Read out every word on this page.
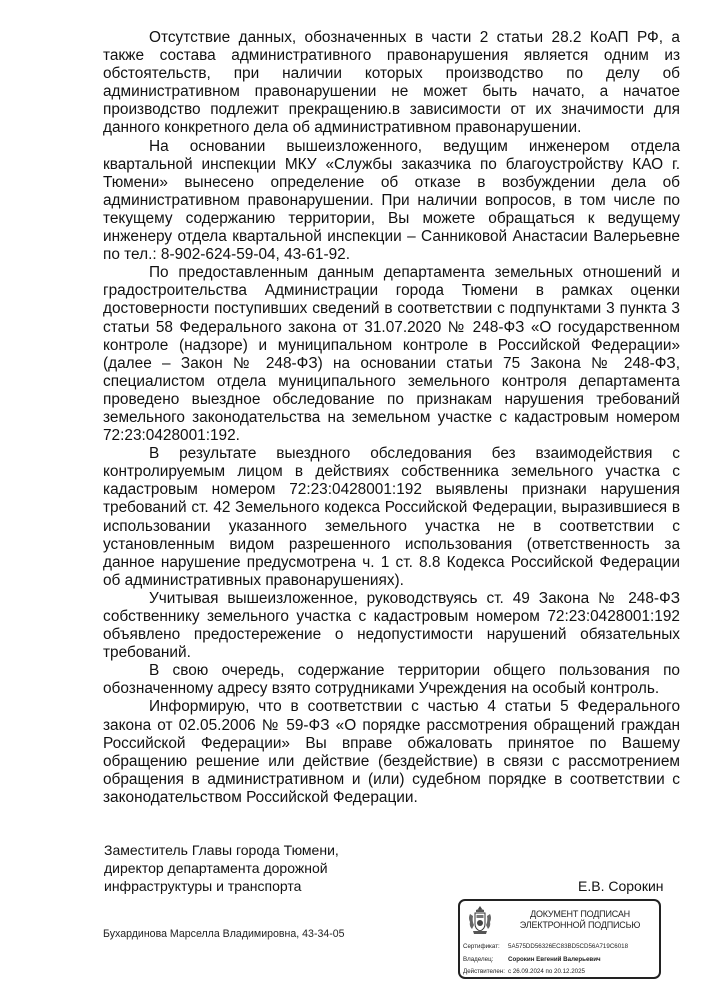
Отсутствие данных, обозначенных в части 2 статьи 28.2 КоАП РФ, а также состава административного правонарушения является одним из обстоятельств, при наличии которых производство по делу об административном правонарушении не может быть начато, а начатое производство подлежит прекращению.в зависимости от их значимости для данного конкретного дела об административном правонарушении.

На основании вышеизложенного, ведущим инженером отдела квартальной инспекции МКУ «Службы заказчика по благоустройству КАО г. Тюмени» вынесено определение об отказе в возбуждении дела об административном правонарушении. При наличии вопросов, в том числе по текущему содержанию территории, Вы можете обращаться к ведущему инженеру отдела квартальной инспекции – Санниковой Анастасии Валерьевне по тел.: 8-902-624-59-04, 43-61-92.

По предоставленным данным департамента земельных отношений и градостроительства Администрации города Тюмени в рамках оценки достоверности поступивших сведений в соответствии с подпунктами 3 пункта 3 статьи 58 Федерального закона от 31.07.2020 № 248-ФЗ «О государственном контроле (надзоре) и муниципальном контроле в Российской Федерации» (далее – Закон № 248-ФЗ) на основании статьи 75 Закона № 248-ФЗ, специалистом отдела муниципального земельного контроля департамента проведено выездное обследование по признакам нарушения требований земельного законодательства на земельном участке с кадастровым номером 72:23:0428001:192.

В результате выездного обследования без взаимодействия с контролируемым лицом в действиях собственника земельного участка с кадастровым номером 72:23:0428001:192 выявлены признаки нарушения требований ст. 42 Земельного кодекса Российской Федерации, выразившиеся в использовании указанного земельного участка не в соответствии с установленным видом разрешенного использования (ответственность за данное нарушение предусмотрена ч. 1 ст. 8.8 Кодекса Российской Федерации об административных правонарушениях).

Учитывая вышеизложенное, руководствуясь ст. 49 Закона № 248-ФЗ собственнику земельного участка с кадастровым номером 72:23:0428001:192 объявлено предостережение о недопустимости нарушений обязательных требований.

В свою очередь, содержание территории общего пользования по обозначенному адресу взято сотрудниками Учреждения на особый контроль.

Информирую, что в соответствии с частью 4 статьи 5 Федерального закона от 02.05.2006 № 59-ФЗ «О порядке рассмотрения обращений граждан Российской Федерации» Вы вправе обжаловать принятое по Вашему обращению решение или действие (бездействие) в связи с рассмотрением обращения в административном и (или) судебном порядке в соответствии с законодательством Российской Федерации.

Заместитель Главы города Тюмени,
директор департамента дорожной
инфраструктуры и транспорта	Е.В. Сорокин
Бухардинова Марселла Владимировна, 43-34-05
ДОКУМЕНТ ПОДПИСАН
ЭЛЕКТРОННОЙ ПОДПИСЬЮ
Сертификат: 5A575DD56326EC83BD5CD56A719C6018
Владелец: Сорокин Евгений Валерьевич
Действителен: с 26.09.2024 по 20.12.2025
